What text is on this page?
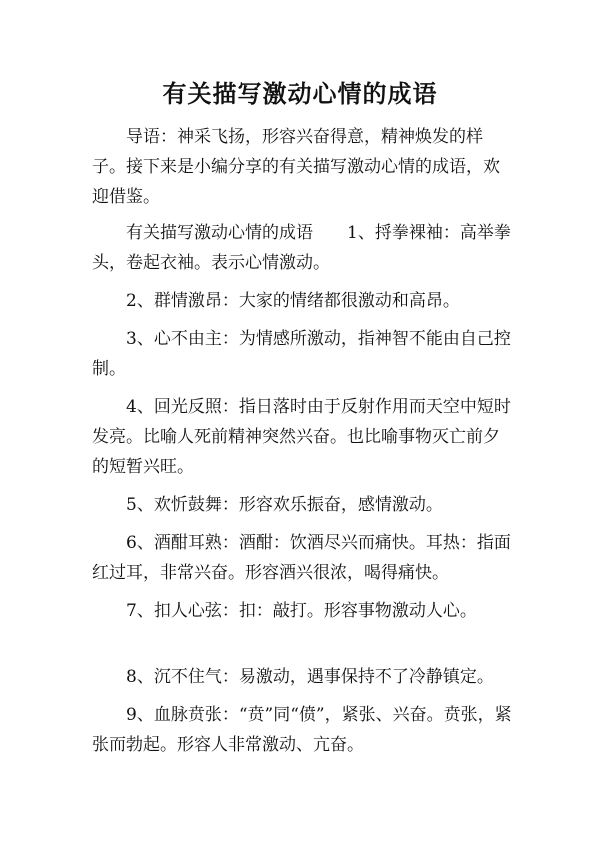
有关描写激动心情的成语

导语：神采飞扬，形容兴奋得意，精神焕发的样子。接下来是小编分享的有关描写激动心情的成语，欢迎借鉴。

有关描写激动心情的成语　　1、捋拳裸袖：高举拳头，卷起衣袖。表示心情激动。

2、群情激昂：大家的情绪都很激动和高昂。

3、心不由主：为情感所激动，指神智不能由自己控制。

4、回光反照：指日落时由于反射作用而天空中短时发亮。比喻人死前精神突然兴奋。也比喻事物灭亡前夕的短暂兴旺。

5、欢忻鼓舞：形容欢乐振奋，感情激动。

6、酒酣耳熟：酒酣：饮酒尽兴而痛快。耳热：指面红过耳，非常兴奋。形容酒兴很浓，喝得痛快。

7、扣人心弦：扣：敲打。形容事物激动人心。

8、沉不住气：易激动，遇事保持不了冷静镇定。

9、血脉贲张：“贲”同“偾”，紧张、兴奋。贲张，紧张而勃起。形容人非常激动、亢奋。
